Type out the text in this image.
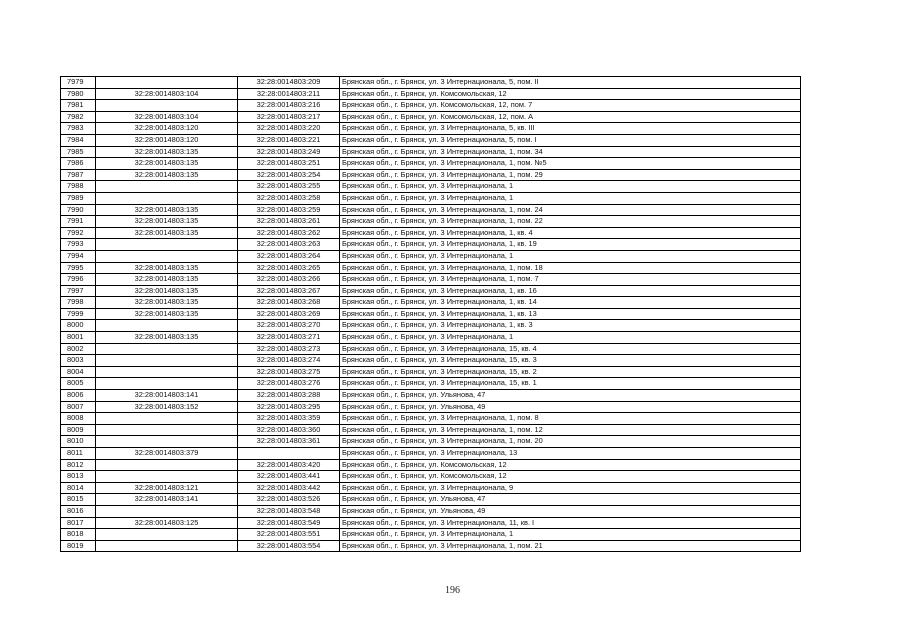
7979		32:28:0014803:209	Брянская обл., г. Брянск, ул. 3 Интернационала, 5, пом. II
7980	32:28:0014803:104	32:28:0014803:211	Брянская обл., г. Брянск, ул. Комсомольская, 12
7981		32:28:0014803:216	Брянская обл., г. Брянск, ул. Комсомольская, 12, пом. 7
7982	32:28:0014803:104	32:28:0014803:217	Брянская обл., г. Брянск, ул. Комсомольская, 12, пом. А
7983	32:28:0014803:120	32:28:0014803:220	Брянская обл., г. Брянск, ул. 3 Интернационала, 5, кв. III
7984	32:28:0014803:120	32:28:0014803:221	Брянская обл., г. Брянск, ул. 3 Интернационала, 5, пом. I
7985	32:28:0014803:135	32:28:0014803:249	Брянская обл., г. Брянск, ул. 3 Интернационала, 1, пом. 34
7986	32:28:0014803:135	32:28:0014803:251	Брянская обл., г. Брянск, ул. 3 Интернационала, 1, пом. №5
7987	32:28:0014803:135	32:28:0014803:254	Брянская обл., г. Брянск, ул. 3 Интернационала, 1, пом. 29
7988		32:28:0014803:255	Брянская обл., г. Брянск, ул. 3 Интернационала, 1
7989		32:28:0014803:258	Брянская обл., г. Брянск, ул. 3 Интернационала, 1
7990	32:28:0014803:135	32:28:0014803:259	Брянская обл., г. Брянск, ул. 3 Интернационала, 1, пом. 24
7991	32:28:0014803:135	32:28:0014803:261	Брянская обл., г. Брянск, ул. 3 Интернационала, 1, пом. 22
7992	32:28:0014803:135	32:28:0014803:262	Брянская обл., г. Брянск, ул. 3 Интернационала, 1, кв. 4
7993		32:28:0014803:263	Брянская обл., г. Брянск, ул. 3 Интернационала, 1, кв. 19
7994		32:28:0014803:264	Брянская обл., г. Брянск, ул. 3 Интернационала, 1
7995	32:28:0014803:135	32:28:0014803:265	Брянская обл., г. Брянск, ул. 3 Интернационала, 1, пом. 18
7996	32:28:0014803:135	32:28:0014803:266	Брянская обл., г. Брянск, ул. 3 Интернационала, 1, пом. 7
7997	32:28:0014803:135	32:28:0014803:267	Брянская обл., г. Брянск, ул. 3 Интернационала, 1, кв. 16
7998	32:28:0014803:135	32:28:0014803:268	Брянская обл., г. Брянск, ул. 3 Интернационала, 1, кв. 14
7999	32:28:0014803:135	32:28:0014803:269	Брянская обл., г. Брянск, ул. 3 Интернационала, 1, кв. 13
8000		32:28:0014803:270	Брянская обл., г. Брянск, ул. 3 Интернационала, 1, кв. 3
8001	32:28:0014803:135	32:28:0014803:271	Брянская обл., г. Брянск, ул. 3 Интернационала, 1
8002		32:28:0014803:273	Брянская обл., г. Брянск, ул. 3 Интернационала, 15, кв. 4
8003		32:28:0014803:274	Брянская обл., г. Брянск, ул. 3 Интернационала, 15, кв. 3
8004		32:28:0014803:275	Брянская обл., г. Брянск, ул. 3 Интернационала, 15, кв. 2
8005		32:28:0014803:276	Брянская обл., г. Брянск, ул. 3 Интернационала, 15, кв. 1
8006	32:28:0014803:141	32:28:0014803:288	Брянская обл., г. Брянск, ул. Ульянова, 47
8007	32:28:0014803:152	32:28:0014803:295	Брянская обл., г. Брянск, ул. Ульянова, 49
8008		32:28:0014803:359	Брянская обл., г. Брянск, ул. 3 Интернационала, 1, пом. 8
8009		32:28:0014803:360	Брянская обл., г. Брянск, ул. 3 Интернационала, 1, пом. 12
8010		32:28:0014803:361	Брянская обл., г. Брянск, ул. 3 Интернационала, 1, пом. 20
8011	32:28:0014803:379		Брянская обл., г. Брянск, ул. 3 Интернационала, 13
8012		32:28:0014803:420	Брянская обл., г. Брянск, ул. Комсомольская, 12
8013		32:28:0014803:441	Брянская обл., г. Брянск, ул. Комсомольская, 12
8014	32:28:0014803:121	32:28:0014803:442	Брянская обл., г. Брянск, ул. 3 Интернационала, 9
8015	32:28:0014803:141	32:28:0014803:526	Брянская обл., г. Брянск, ул. Ульянова, 47
8016		32:28:0014803:548	Брянская обл., г. Брянск, ул. Ульянова, 49
8017	32:28:0014803:125	32:28:0014803:549	Брянская обл., г. Брянск, ул. 3 Интернационала, 11, кв. I
8018		32:28:0014803:551	Брянская обл., г. Брянск, ул. 3 Интернационала, 1
8019		32:28:0014803:554	Брянская обл., г. Брянск, ул. 3 Интернационала, 1, пом. 21
196
